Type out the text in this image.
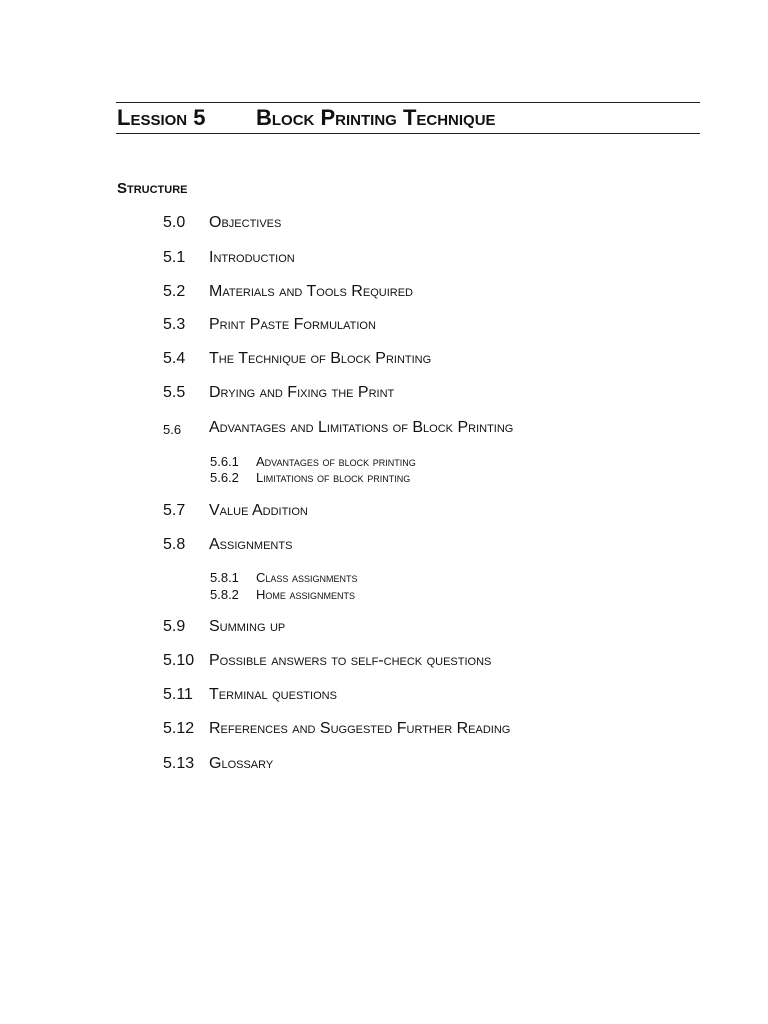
Lession 5 Block Printing Technique
Structure
5.0 Objectives
5.1 Introduction
5.2 Materials and Tools Required
5.3 Print Paste Formulation
5.4 The Technique of Block Printing
5.5 Drying and Fixing the Print
5.6 Advantages and Limitations of Block Printing
5.6.1 Advantages of block printing
5.6.2 Limitations of block printing
5.7 Value Addition
5.8 Assignments
5.8.1 Class assignments
5.8.2 Home assignments
5.9 Summing up
5.10 Possible answers to self-check questions
5.11 Terminal questions
5.12 References and Suggested Further Reading
5.13 Glossary
